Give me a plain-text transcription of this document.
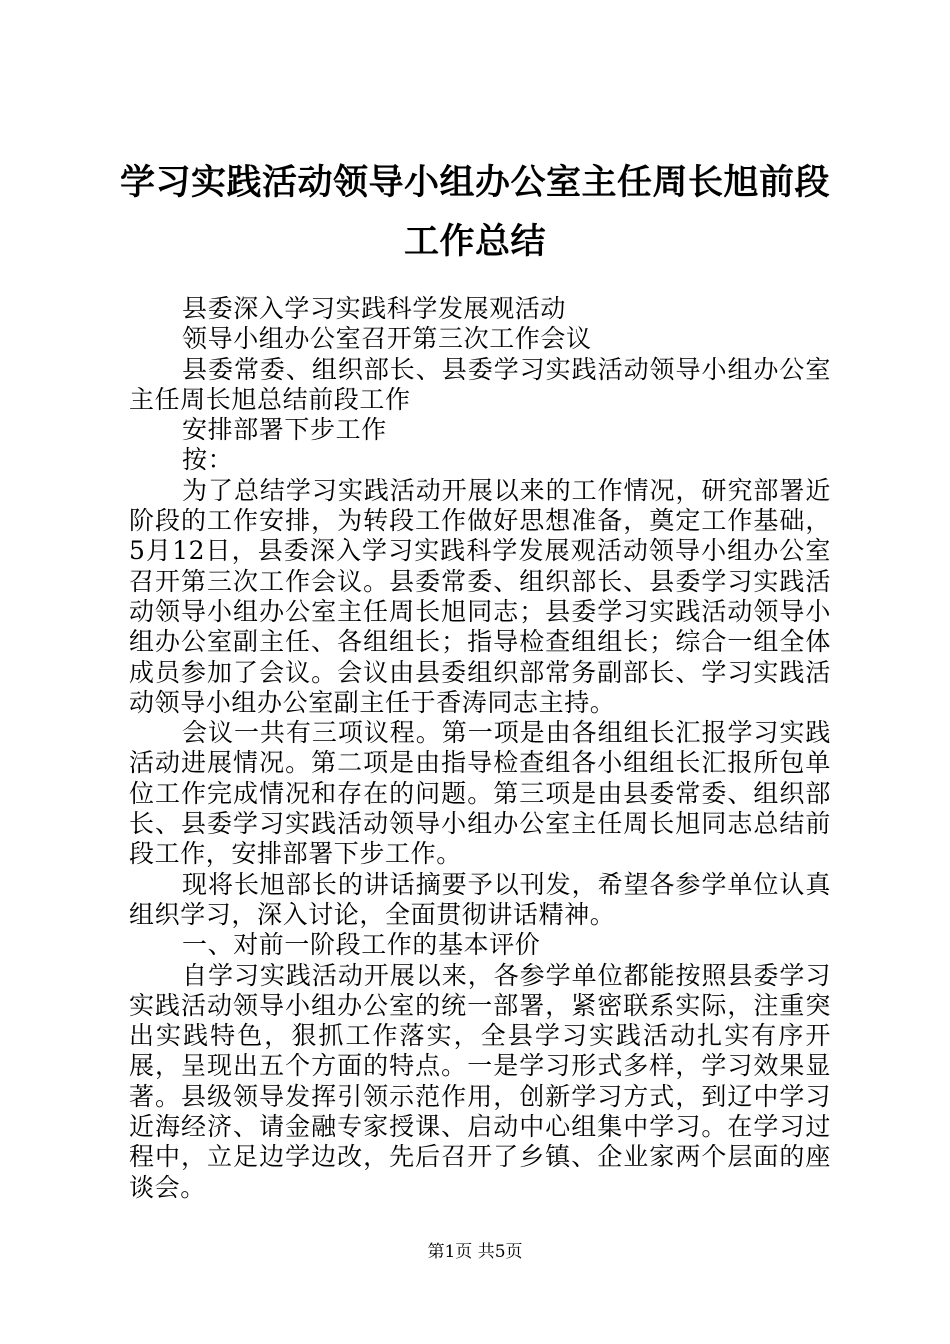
学习实践活动领导小组办公室主任周长旭前段
工作总结

县委深入学习实践科学发展观活动

领导小组办公室召开第三次工作会议

县委常委、组织部长、县委学习实践活动领导小组办公室主任周长旭总结前段工作

安排部署下步工作

按：

为了总结学习实践活动开展以来的工作情况，研究部署近阶段的工作安排，为转段工作做好思想准备，奠定工作基础，5月12日，县委深入学习实践科学发展观活动领导小组办公室召开第三次工作会议。县委常委、组织部长、县委学习实践活动领导小组办公室主任周长旭同志；县委学习实践活动领导小组办公室副主任、各组组长；指导检查组组长；综合一组全体成员参加了会议。会议由县委组织部常务副部长、学习实践活动领导小组办公室副主任于香涛同志主持。

会议一共有三项议程。第一项是由各组组长汇报学习实践活动进展情况。第二项是由指导检查组各小组组长汇报所包单位工作完成情况和存在的问题。第三项是由县委常委、组织部长、县委学习实践活动领导小组办公室主任周长旭同志总结前段工作，安排部署下步工作。

现将长旭部长的讲话摘要予以刊发，希望各参学单位认真组织学习，深入讨论，全面贯彻讲话精神。

一、对前一阶段工作的基本评价

自学习实践活动开展以来，各参学单位都能按照县委学习实践活动领导小组办公室的统一部署，紧密联系实际，注重突出实践特色，狠抓工作落实，全县学习实践活动扎实有序开展，呈现出五个方面的特点。一是学习形式多样，学习效果显著。县级领导发挥引领示范作用，创新学习方式，到辽中学习近海经济、请金融专家授课、启动中心组集中学习。在学习过程中，立足边学边改，先后召开了乡镇、企业家两个层面的座谈会。

第1页 共5页
